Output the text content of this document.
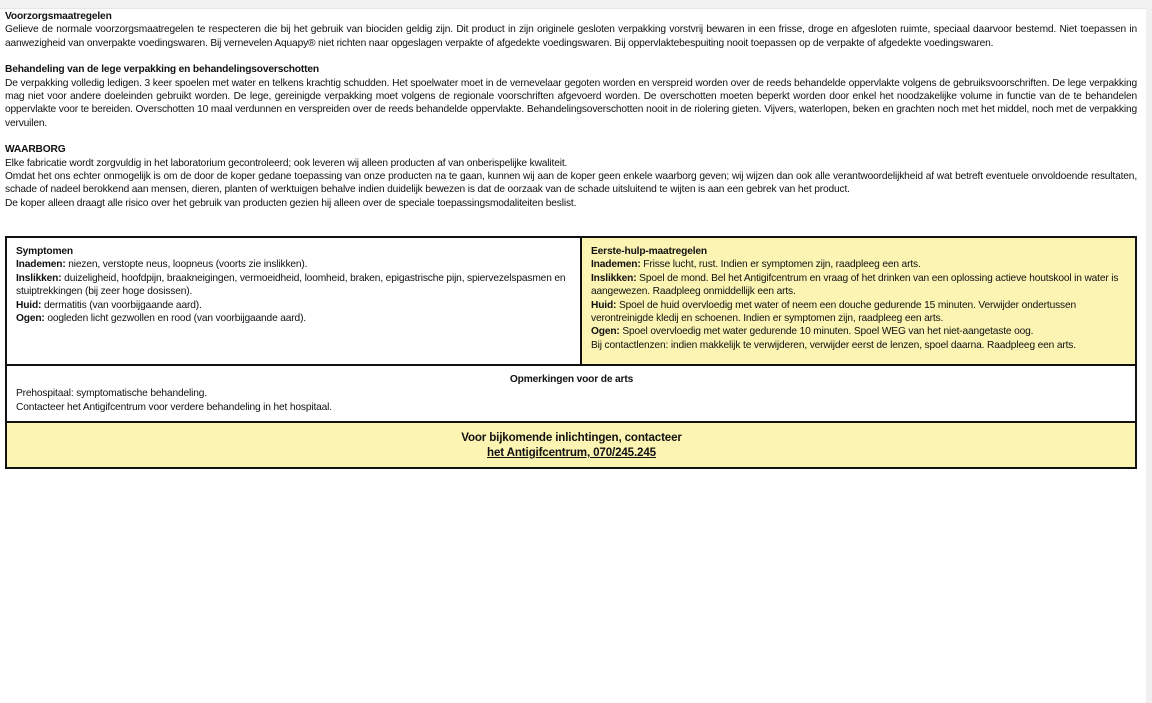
Voorzorgsmaatregelen
Gelieve de normale voorzorgsmaatregelen te respecteren die bij het gebruik van biociden geldig zijn. Dit product in zijn originele gesloten verpakking vorstvrij bewaren in een frisse, droge en afgesloten ruimte, speciaal daarvoor bestemd. Niet toepassen in aanwezigheid van onverpakte voedingswaren. Bij vernevelen Aquapy® niet richten naar opgeslagen verpakte of afgedekte voedingswaren. Bij oppervlaktebespuiting nooit toepassen op de verpakte of afgedekte voedingswaren.
Behandeling van de lege verpakking en behandelingsoverschotten
De verpakking volledig ledigen. 3 keer spoelen met water en telkens krachtig schudden. Het spoelwater moet in de vernevelaar gegoten worden en verspreid worden over de reeds behandelde oppervlakte volgens de gebruiksvoorschriften. De lege verpakking mag niet voor andere doeleinden gebruikt worden. De lege, gereinigde verpakking moet volgens de regionale voorschriften afgevoerd worden. De overschotten moeten beperkt worden door enkel het noodzakelijke volume in functie van de te behandelen oppervlakte voor te bereiden. Overschotten 10 maal verdunnen en verspreiden over de reeds behandelde oppervlakte. Behandelingsoverschotten nooit in de riolering gieten. Vijvers, waterlopen, beken en grachten noch met het middel, noch met de verpakking vervuilen.
WAARBORG
Elke fabricatie wordt zorgvuldig in het laboratorium gecontroleerd; ook leveren wij alleen producten af van onberispelijke kwaliteit.
Omdat het ons echter onmogelijk is om de door de koper gedane toepassing van onze producten na te gaan, kunnen wij aan de koper geen enkele waarborg geven; wij wijzen dan ook alle verantwoordelijkheid af wat betreft eventuele onvoldoende resultaten, schade of nadeel berokkend aan mensen, dieren, planten of werktuigen behalve indien duidelijk bewezen is dat de oorzaak van de schade uitsluitend te wijten is aan een gebrek van het product.
De koper alleen draagt alle risico over het gebruik van producten gezien hij alleen over de speciale toepassingsmodaliteiten beslist.
Symptomen
Inademen: niezen, verstopte neus, loopneus (voorts zie inslikken).
Inslikken: duizeligheid, hoofdpijn, braakneigingen, vermoeidheid, loomheid, braken, epigastrische pijn, spiervezelspasmen en stuiptrekkingen (bij zeer hoge dosissen).
Huid: dermatitis (van voorbijgaande aard).
Ogen: oogleden licht gezwollen en rood (van voorbijgaande aard).

Eerste-hulp-maatregelen
Inademen: Frisse lucht, rust. Indien er symptomen zijn, raadpleeg een arts.
Inslikken: Spoel de mond. Bel het Antigifcentrum en vraag of het drinken van een oplossing actieve houtskool in water is aangewezen. Raadpleeg onmiddellijk een arts.
Huid: Spoel de huid overvloedig met water of neem een douche gedurende 15 minuten. Verwijder ondertussen verontreinigde kledij en schoenen. Indien er symptomen zijn, raadpleeg een arts.
Ogen: Spoel overvloedig met water gedurende 10 minuten. Spoel WEG van het niet-aangetaste oog.
Bij contactlenzen: indien makkelijk te verwijderen, verwijder eerst de lenzen, spoel daarna. Raadpleeg een arts.

Opmerkingen voor de arts
Prehospitaal: symptomatische behandeling.
Contacteer het Antigifcentrum voor verdere behandeling in het hospitaal.

Voor bijkomende inlichtingen, contacteer
het Antigifcentrum, 070/245.245
